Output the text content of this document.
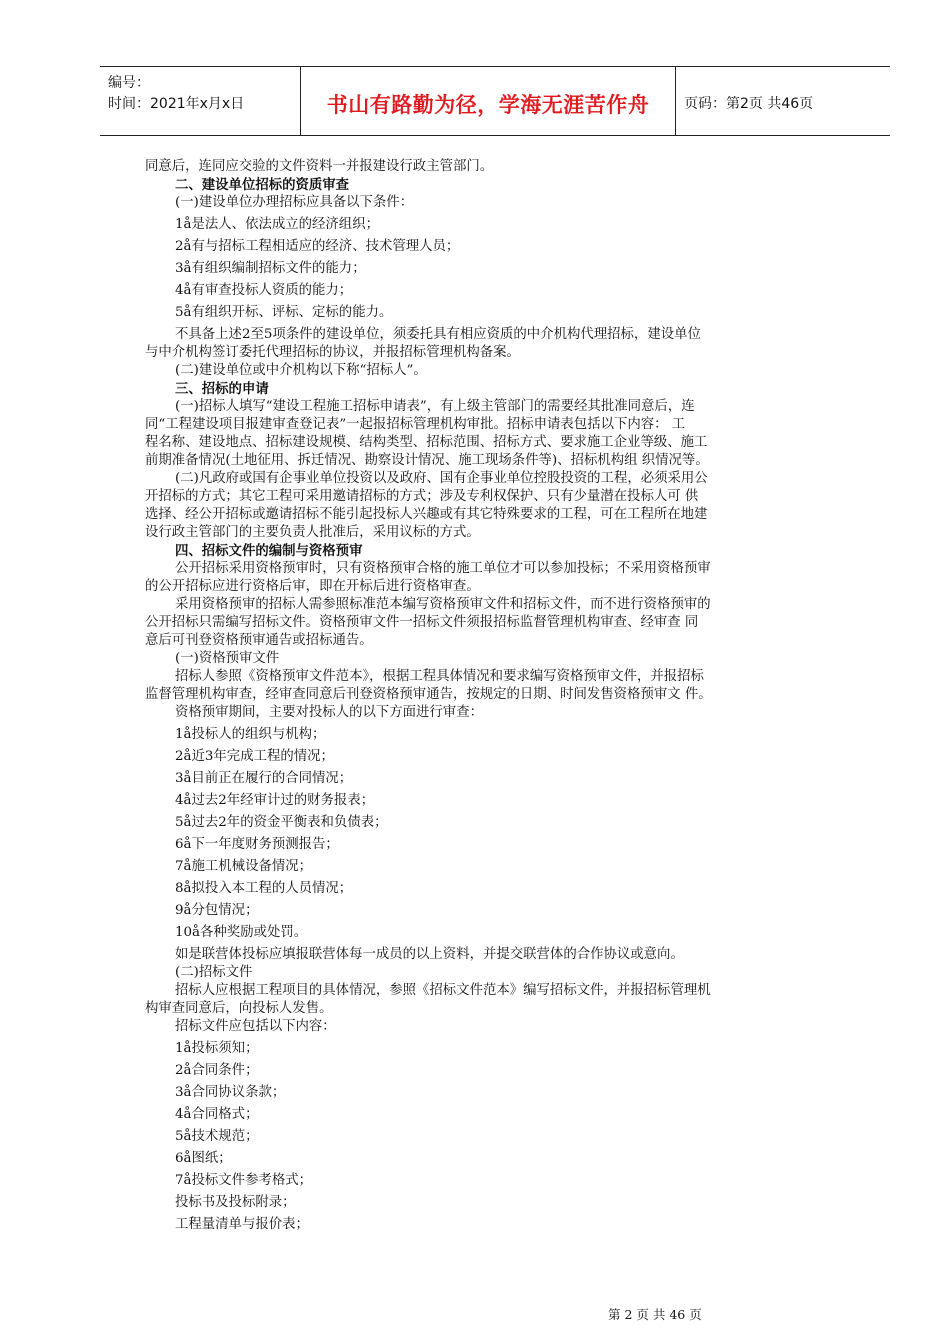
编号：
时间：2021年x月x日	书山有路勤为径，学海无涯苦作舟	页码：第2页 共46页
同意后，连同应交验的文件资料一并报建设行政主管部门。
二、建设单位招标的资质审查
(一)建设单位办理招标应具备以下条件：
1å是法人、依法成立的经济组织；
2å有与招标工程相适应的经济、技术管理人员；
3å有组织编制招标文件的能力；
4å有审查投标人资质的能力；
5å有组织开标、评标、定标的能力。
不具备上述2至5项条件的建设单位，须委托具有相应资质的中介机构代理招标，建设单位
与中介机构签订委托代理招标的协议，并报招标管理机构备案。
(二)建设单位或中介机构以下称“招标人”。
三、招标的申请
(一)招标人填写“建设工程施工招标申请表”，有上级主管部门的需要经其批准同意后，连
同“工程建设项目报建审查登记表”一起报招标管理机构审批。招标申请表包括以下内容： 工
程名称、建设地点、招标建设规模、结构类型、招标范围、招标方式、要求施工企业等级、施工
前期准备情况(土地征用、拆迁情况、勘察设计情况、施工现场条件等)、招标机构组 织情况等。
(二)凡政府或国有企事业单位投资以及政府、国有企事业单位控股投资的工程，必须采用公
开招标的方式；其它工程可采用邀请招标的方式；涉及专利权保护、只有少量潜在投标人可 供
选择、经公开招标或邀请招标不能引起投标人兴趣或有其它特殊要求的工程，可在工程所在地建
设行政主管部门的主要负责人批准后，采用议标的方式。
四、招标文件的编制与资格预审
公开招标采用资格预审时，只有资格预审合格的施工单位才可以参加投标；不采用资格预审
的公开招标应进行资格后审，即在开标后进行资格审查。
采用资格预审的招标人需参照标准范本编写资格预审文件和招标文件，而不进行资格预审的
公开招标只需编写招标文件。资格预审文件一招标文件须报招标监督管理机构审查、经审查 同
意后可刊登资格预审通告或招标通告。
(一)资格预审文件
招标人参照《资格预审文件范本》，根据工程具体情况和要求编写资格预审文件，并报招标
监督管理机构审查，经审查同意后刊登资格预审通告，按规定的日期、时间发售资格预审文 件。
资格预审期间，主要对投标人的以下方面进行审查：
1å投标人的组织与机构；
2å近3年完成工程的情况；
3å目前正在履行的合同情况；
4å过去2年经审计过的财务报表；
5å过去2年的资金平衡表和负债表；
6å下一年度财务预测报告；
7å施工机械设备情况；
8å拟投入本工程的人员情况；
9å分包情况；
10å各种奖励或处罚。
如是联营体投标应填报联营体每一成员的以上资料，并提交联营体的合作协议或意向。
(二)招标文件
招标人应根据工程项目的具体情况，参照《招标文件范本》编写招标文件，并报招标管理机
构审查同意后，向投标人发售。
招标文件应包括以下内容：
1å投标须知；
2å合同条件；
3å合同协议条款；
4å合同格式；
5å技术规范；
6å图纸；
7å投标文件参考格式；
投标书及投标附录；
工程量清单与报价表；
第 2 页 共 46 页
